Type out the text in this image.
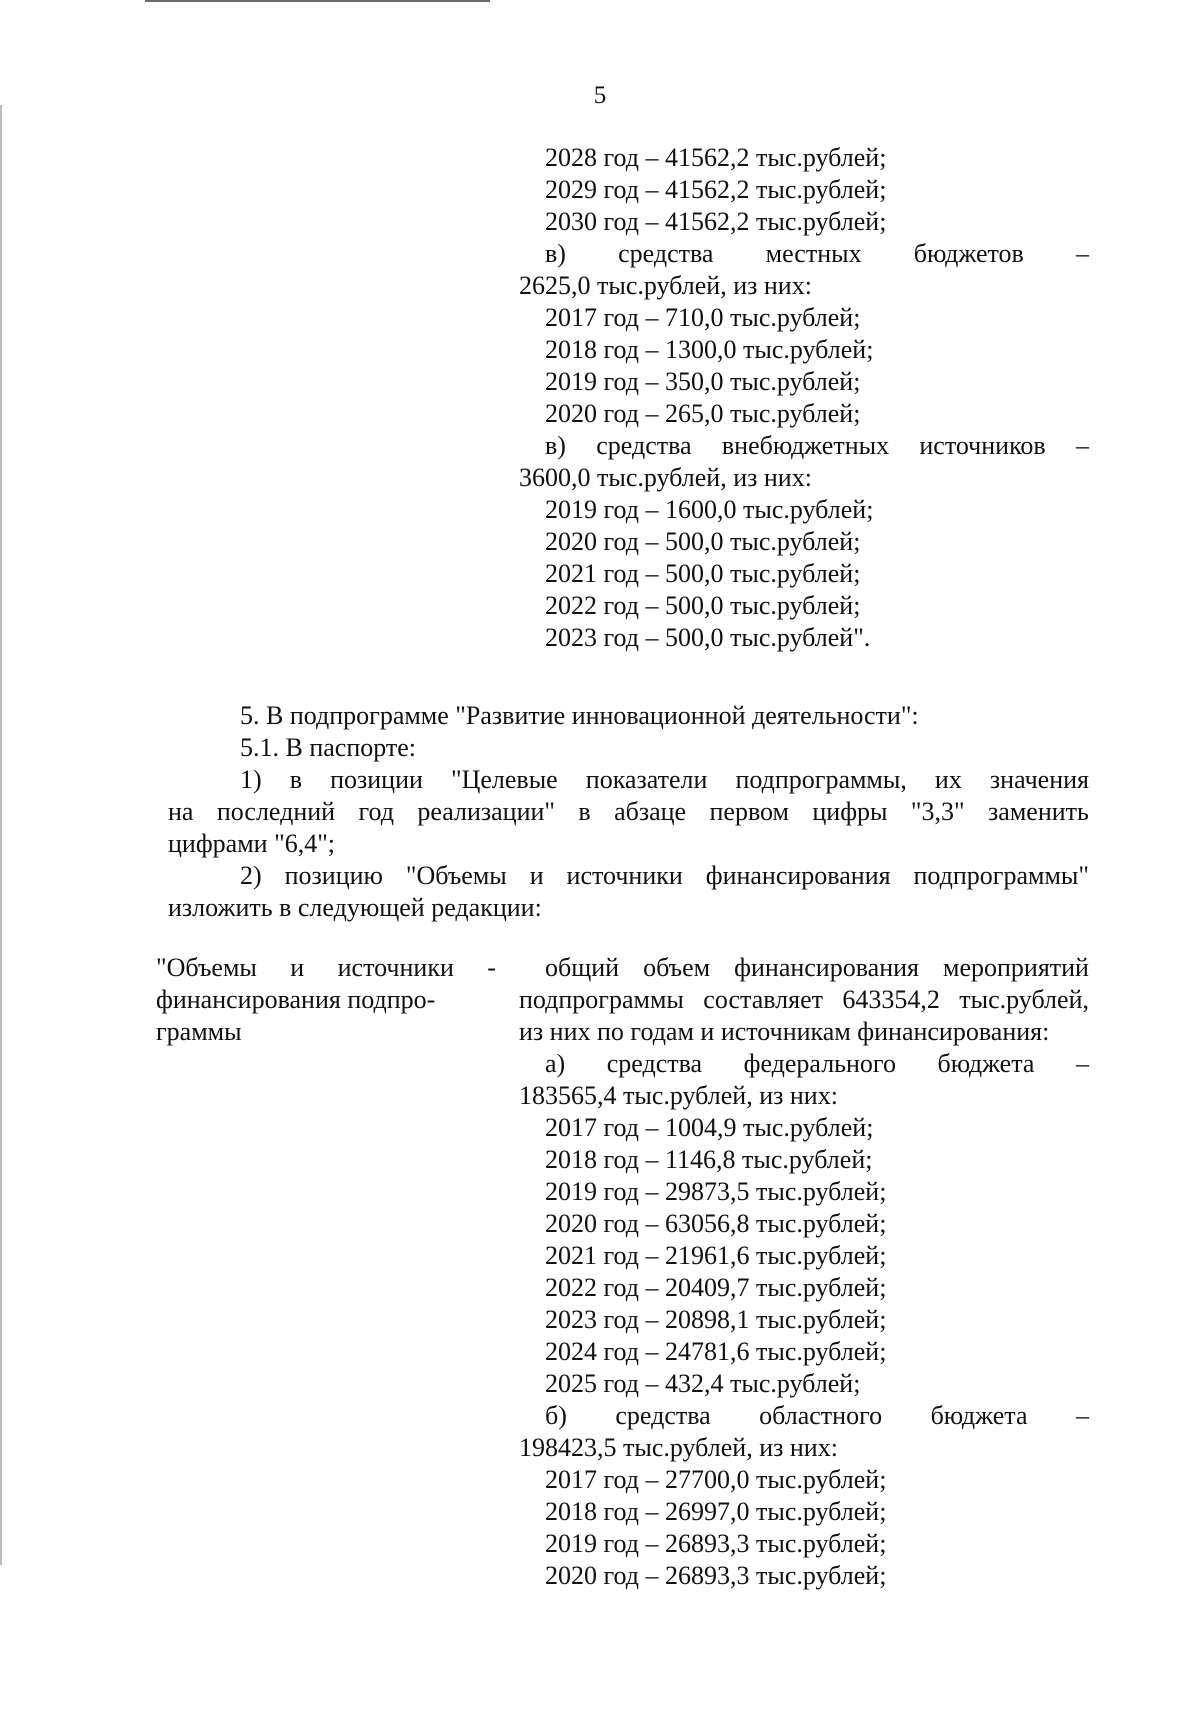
5
2028 год – 41562,2 тыс.рублей;
2029 год – 41562,2 тыс.рублей;
2030 год – 41562,2 тыс.рублей;
в) средства местных бюджетов –
2625,0 тыс.рублей, из них:
2017 год – 710,0 тыс.рублей;
2018 год – 1300,0 тыс.рублей;
2019 год – 350,0 тыс.рублей;
2020 год – 265,0 тыс.рублей;
в) средства внебюджетных источников –
3600,0 тыс.рублей, из них:
2019 год – 1600,0 тыс.рублей;
2020 год – 500,0 тыс.рублей;
2021 год – 500,0 тыс.рублей;
2022 год – 500,0 тыс.рублей;
2023 год – 500,0 тыс.рублей".
5. В подпрограмме "Развитие инновационной деятельности":
5.1. В паспорте:
1) в позиции "Целевые показатели подпрограммы, их значения
на последний год реализации" в абзаце первом цифры "3,3" заменить
цифрами "6,4";
2) позицию "Объемы и источники финансирования подпрограммы"
изложить в следующей редакции:
"Объемы и источники -
финансирования подпро-
граммы
общий объем финансирования мероприятий
подпрограммы составляет 643354,2 тыс.рублей,
из них по годам и источникам финансирования:
а) средства федерального бюджета –
183565,4 тыс.рублей, из них:
2017 год – 1004,9 тыс.рублей;
2018 год – 1146,8 тыс.рублей;
2019 год – 29873,5 тыс.рублей;
2020 год – 63056,8 тыс.рублей;
2021 год – 21961,6 тыс.рублей;
2022 год – 20409,7 тыс.рублей;
2023 год – 20898,1 тыс.рублей;
2024 год – 24781,6 тыс.рублей;
2025 год – 432,4 тыс.рублей;
б) средства областного бюджета –
198423,5 тыс.рублей, из них:
2017 год – 27700,0 тыс.рублей;
2018 год – 26997,0 тыс.рублей;
2019 год – 26893,3 тыс.рублей;
2020 год – 26893,3 тыс.рублей;
